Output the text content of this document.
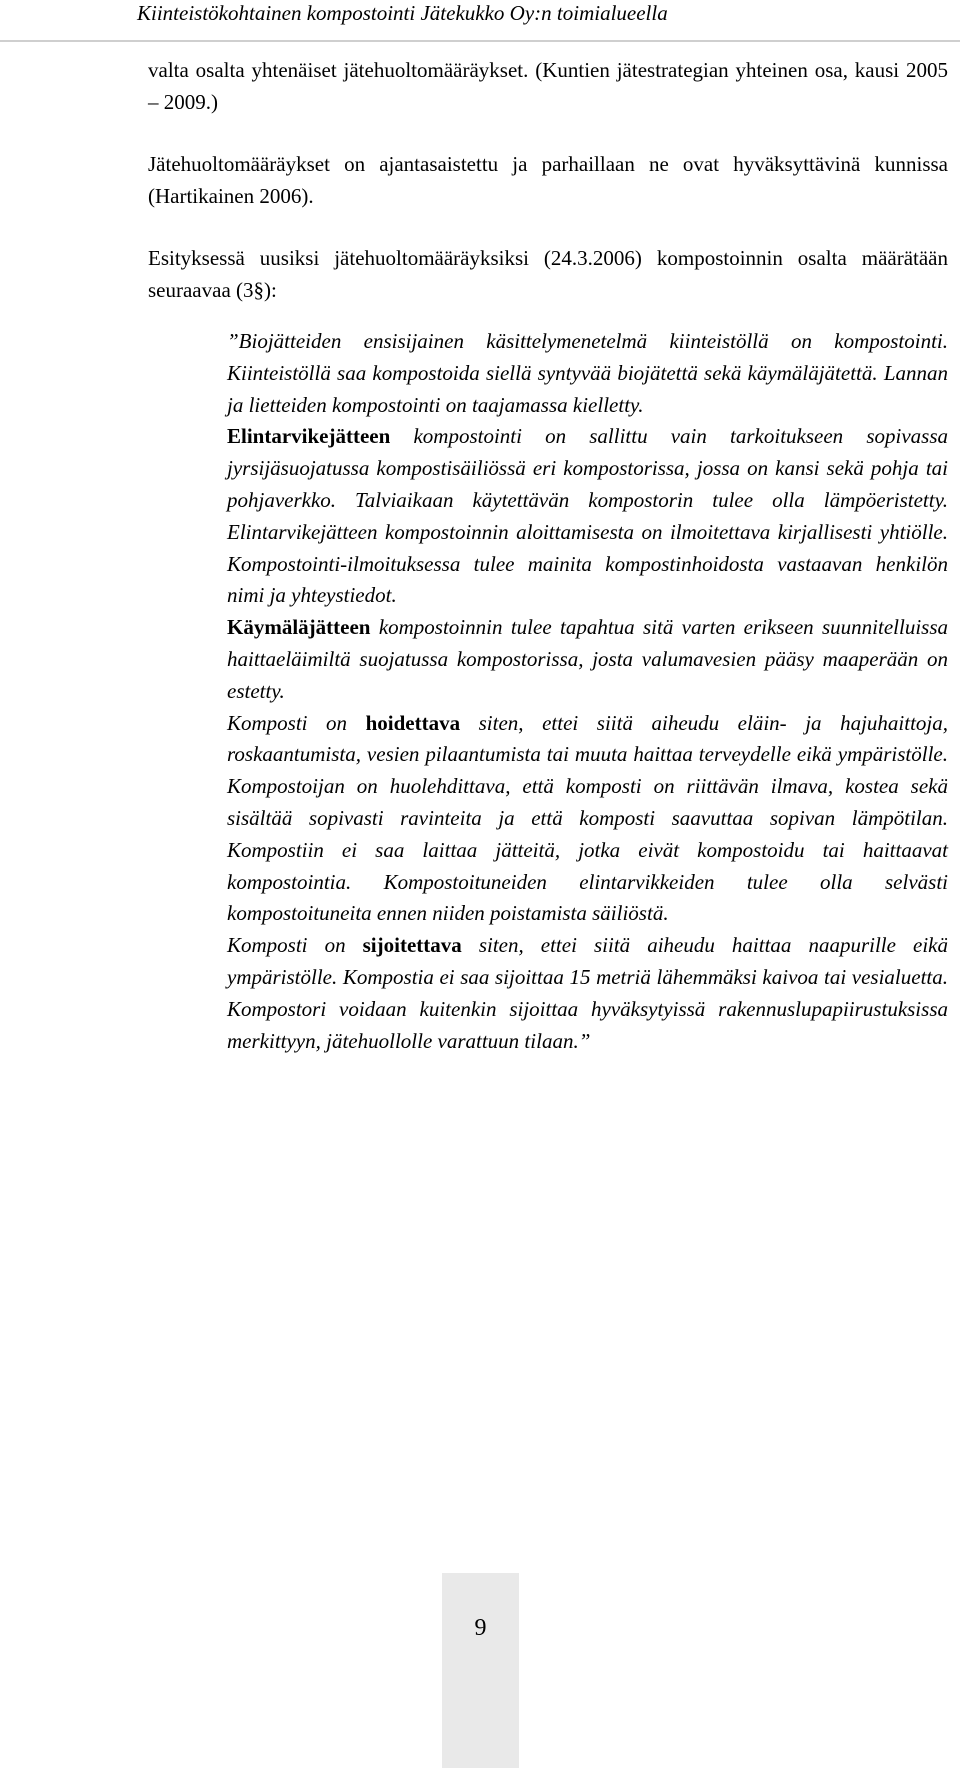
Kiinteistökohtainen kompostointi Jätekukko Oy:n toimialueella

valta osalta yhtenäiset jätehuoltomääräykset. (Kuntien jätestrategian yhteinen osa, kausi 2005 – 2009.)

Jätehuoltomääräykset on ajantasaistettu ja parhaillaan ne ovat hyväksyttävinä kunnissa (Hartikainen 2006).

Esityksessä uusiksi jätehuoltomääräyksiksi (24.3.2006) kompostoinnin osalta määrätään seuraavaa (3§):

”Biojätteiden ensisijainen käsittelymenetelmä kiinteistöllä on kompostointi. Kiinteistöllä saa kompostoida siellä syntyvää biojätettä sekä käymäläjätettä. Lannan ja lietteiden kompostointi on taajamassa kielletty.

Elintarvikejätteen kompostointi on sallittu vain tarkoitukseen sopivassa jyrsijäsuojatussa kompostisäiliössä eri kompostorissa, jossa on kansi sekä pohja tai pohjaverkko. Talviaikaan käytettävän kompostorin tulee olla lämpöeristetty. Elintarvikejätteen kompostoinnin aloittamisesta on ilmoitettava kirjallisesti yhtiölle. Kompostointi-ilmoituksessa tulee mainita kompostinhoidosta vastaavan henkilön nimi ja yhteystiedot.

Käymäläjätteen kompostoinnin tulee tapahtua sitä varten erikseen suunnitelluissa haittaeläimiltä suojatussa kompostorissa, josta valumavesien pääsy maaperään on estetty.

Komposti on hoidettava siten, ettei siitä aiheudu eläin- ja hajuhaittoja, roskaantumista, vesien pilaantumista tai muuta haittaa terveydelle eikä ympäristölle. Kompostoijan on huolehdittava, että komposti on riittävän ilmava, kostea sekä sisältää sopivasti ravinteita ja että komposti saavuttaa sopivan lämpötilan. Kompostiin ei saa laittaa jätteitä, jotka eivät kompostoidu tai haittaavat kompostointia. Kompostoituneiden elintarvikkeiden tulee olla selvästi kompostoituneita ennen niiden poistamista säiliöstä.

Komposti on sijoitettava siten, ettei siitä aiheudu haittaa naapurille eikä ympäristölle. Kompostia ei saa sijoittaa 15 metriä lähemmäksi kaivoa tai vesialuetta. Kompostori voidaan kuitenkin sijoittaa hyväksytyissä rakennuslupapiirustuksissa merkittyyn, jätehuollolle varattuun tilaan.”

9
